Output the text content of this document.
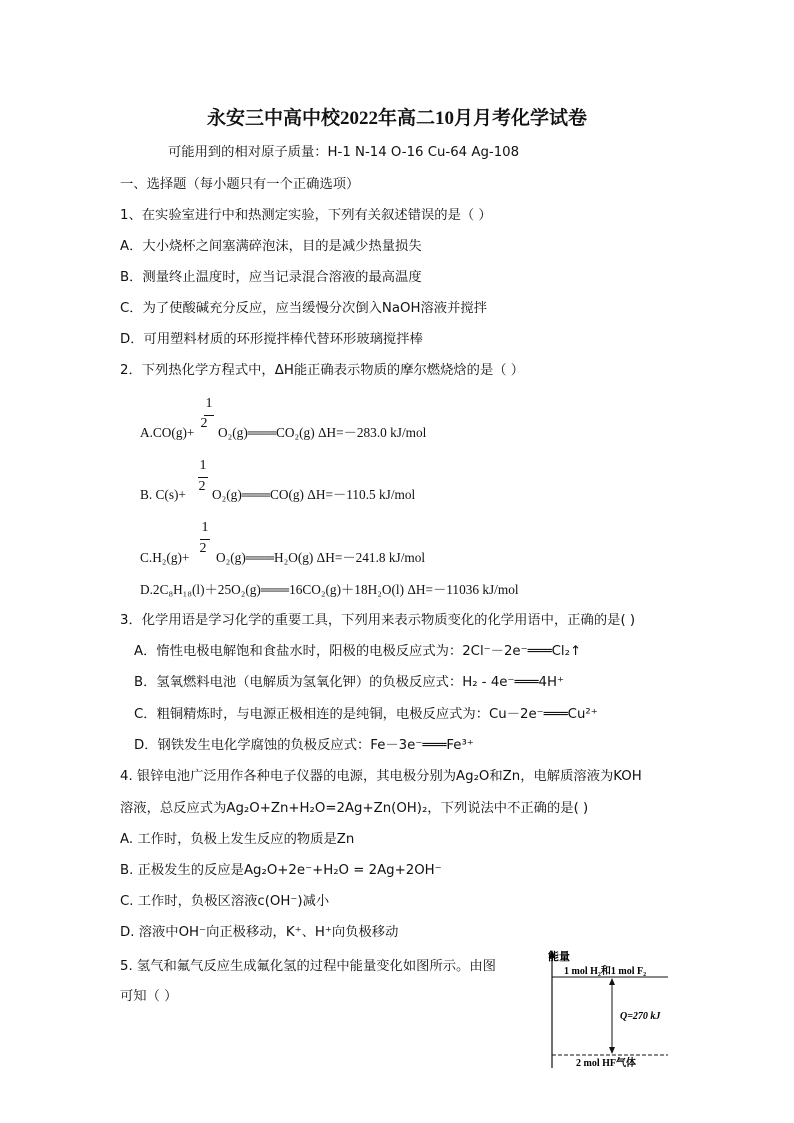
永安三中高中校2022年高二10月月考化学试卷
可能用到的相对原子质量：H-1 N-14 O-16 Cu-64 Ag-108
一、选择题（每小题只有一个正确选项）
1、在实验室进行中和热测定实验，下列有关叙述错误的是（ ）
A．大小烧杯之间塞满碎泡沫，目的是减少热量损失
B．测量终止温度时，应当记录混合溶液的最高温度
C．为了使酸碱充分反应，应当缓慢分次倒入NaOH溶液并搅拌
D．可用塑料材质的环形搅拌棒代替环形玻璃搅拌棒
2．下列热化学方程式中，ΔH能正确表示物质的摩尔燃烧焓的是（ ）
1
2
A.CO(g)+ O₂(g)═══CO₂(g) ΔH=－283.0 kJ/mol
1
2
B. C(s)+ O₂(g)═══CO(g) ΔH=－110.5 kJ/mol
1
2
C.H₂(g)+ O₂(g)═══H₂O(g) ΔH=－241.8 kJ/mol
D.2C₈H₁₈(l)＋25O₂(g)═══16CO₂(g)＋18H₂O(l) ΔH=－11036 kJ/mol
3．化学用语是学习化学的重要工具，下列用来表示物质变化的化学用语中，正确的是( )
A．惰性电极电解饱和食盐水时，阳极的电极反应式为：2Cl⁻－2e⁻═══Cl₂↑
B．氢氧燃料电池（电解质为氢氧化钾）的负极反应式：H₂ - 4e⁻═══4H⁺
C．粗铜精炼时，与电源正极相连的是纯铜，电极反应式为：Cu－2e⁻═══Cu²⁺
D．钢铁发生电化学腐蚀的负极反应式：Fe－3e⁻═══Fe³⁺
4. 银锌电池广泛用作各种电子仪器的电源，其电极分别为Ag₂O和Zn，电解质溶液为KOH
溶液，总反应式为Ag₂O+Zn+H₂O=2Ag+Zn(OH)₂，下列说法中不正确的是( )
A. 工作时，负极上发生反应的物质是Zn
B. 正极发生的反应是Ag₂O+2e⁻+H₂O = 2Ag+2OH⁻
C. 工作时，负极区溶液c(OH⁻)减小
D. 溶液中OH⁻向正极移动，K⁺、H⁺向负极移动
5. 氢气和氟气反应生成氟化氢的过程中能量变化如图所示。由图
可知（ ）
能量
1 mol H₂和1 mol F₂
2 mol HF气体
Q=270 kJ
